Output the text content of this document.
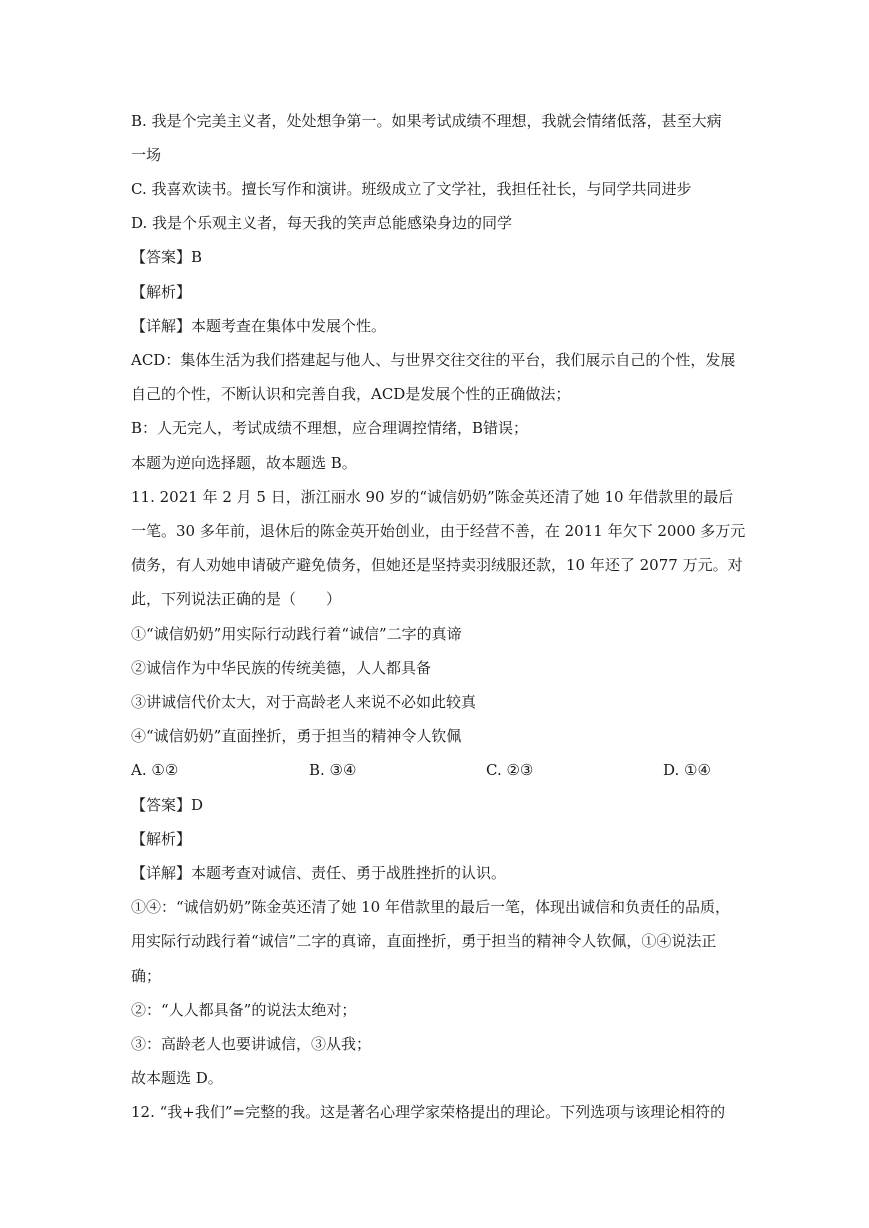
B. 我是个完美主义者，处处想争第一。如果考试成绩不理想，我就会情绪低落，甚至大病
一场
C. 我喜欢读书。擅长写作和演讲。班级成立了文学社，我担任社长，与同学共同进步
D. 我是个乐观主义者，每天我的笑声总能感染身边的同学
【答案】B
【解析】
【详解】本题考查在集体中发展个性。
ACD：集体生活为我们搭建起与他人、与世界交往交往的平台，我们展示自己的个性，发展
自己的个性，不断认识和完善自我，ACD是发展个性的正确做法；
B：人无完人，考试成绩不理想，应合理调控情绪，B错误；
本题为逆向选择题，故本题选 B。
11. 2021 年 2 月 5 日，浙江丽水 90 岁的“诚信奶奶”陈金英还清了她 10 年借款里的最后
一笔。30 多年前，退休后的陈金英开始创业，由于经营不善，在 2011 年欠下 2000 多万元
债务，有人劝她申请破产避免债务，但她还是坚持卖羽绒服还款，10 年还了 2077 万元。对
此，下列说法正确的是（　　）
①“诚信奶奶”用实际行动践行着“诚信”二字的真谛
②诚信作为中华民族的传统美德，人人都具备
③讲诚信代价太大，对于高龄老人来说不必如此较真
④“诚信奶奶”直面挫折，勇于担当的精神令人钦佩
A. ①②	B. ③④	C. ②③	D. ①④
【答案】D
【解析】
【详解】本题考查对诚信、责任、勇于战胜挫折的认识。
①④：“诚信奶奶”陈金英还清了她 10 年借款里的最后一笔，体现出诚信和负责任的品质，
用实际行动践行着“诚信”二字的真谛，直面挫折，勇于担当的精神令人钦佩，①④说法正
确；
②：“人人都具备”的说法太绝对；
③：高龄老人也要讲诚信，③从我；
故本题选 D。
12. “我+我们”=完整的我。这是著名心理学家荣格提出的理论。下列选项与该理论相符的
